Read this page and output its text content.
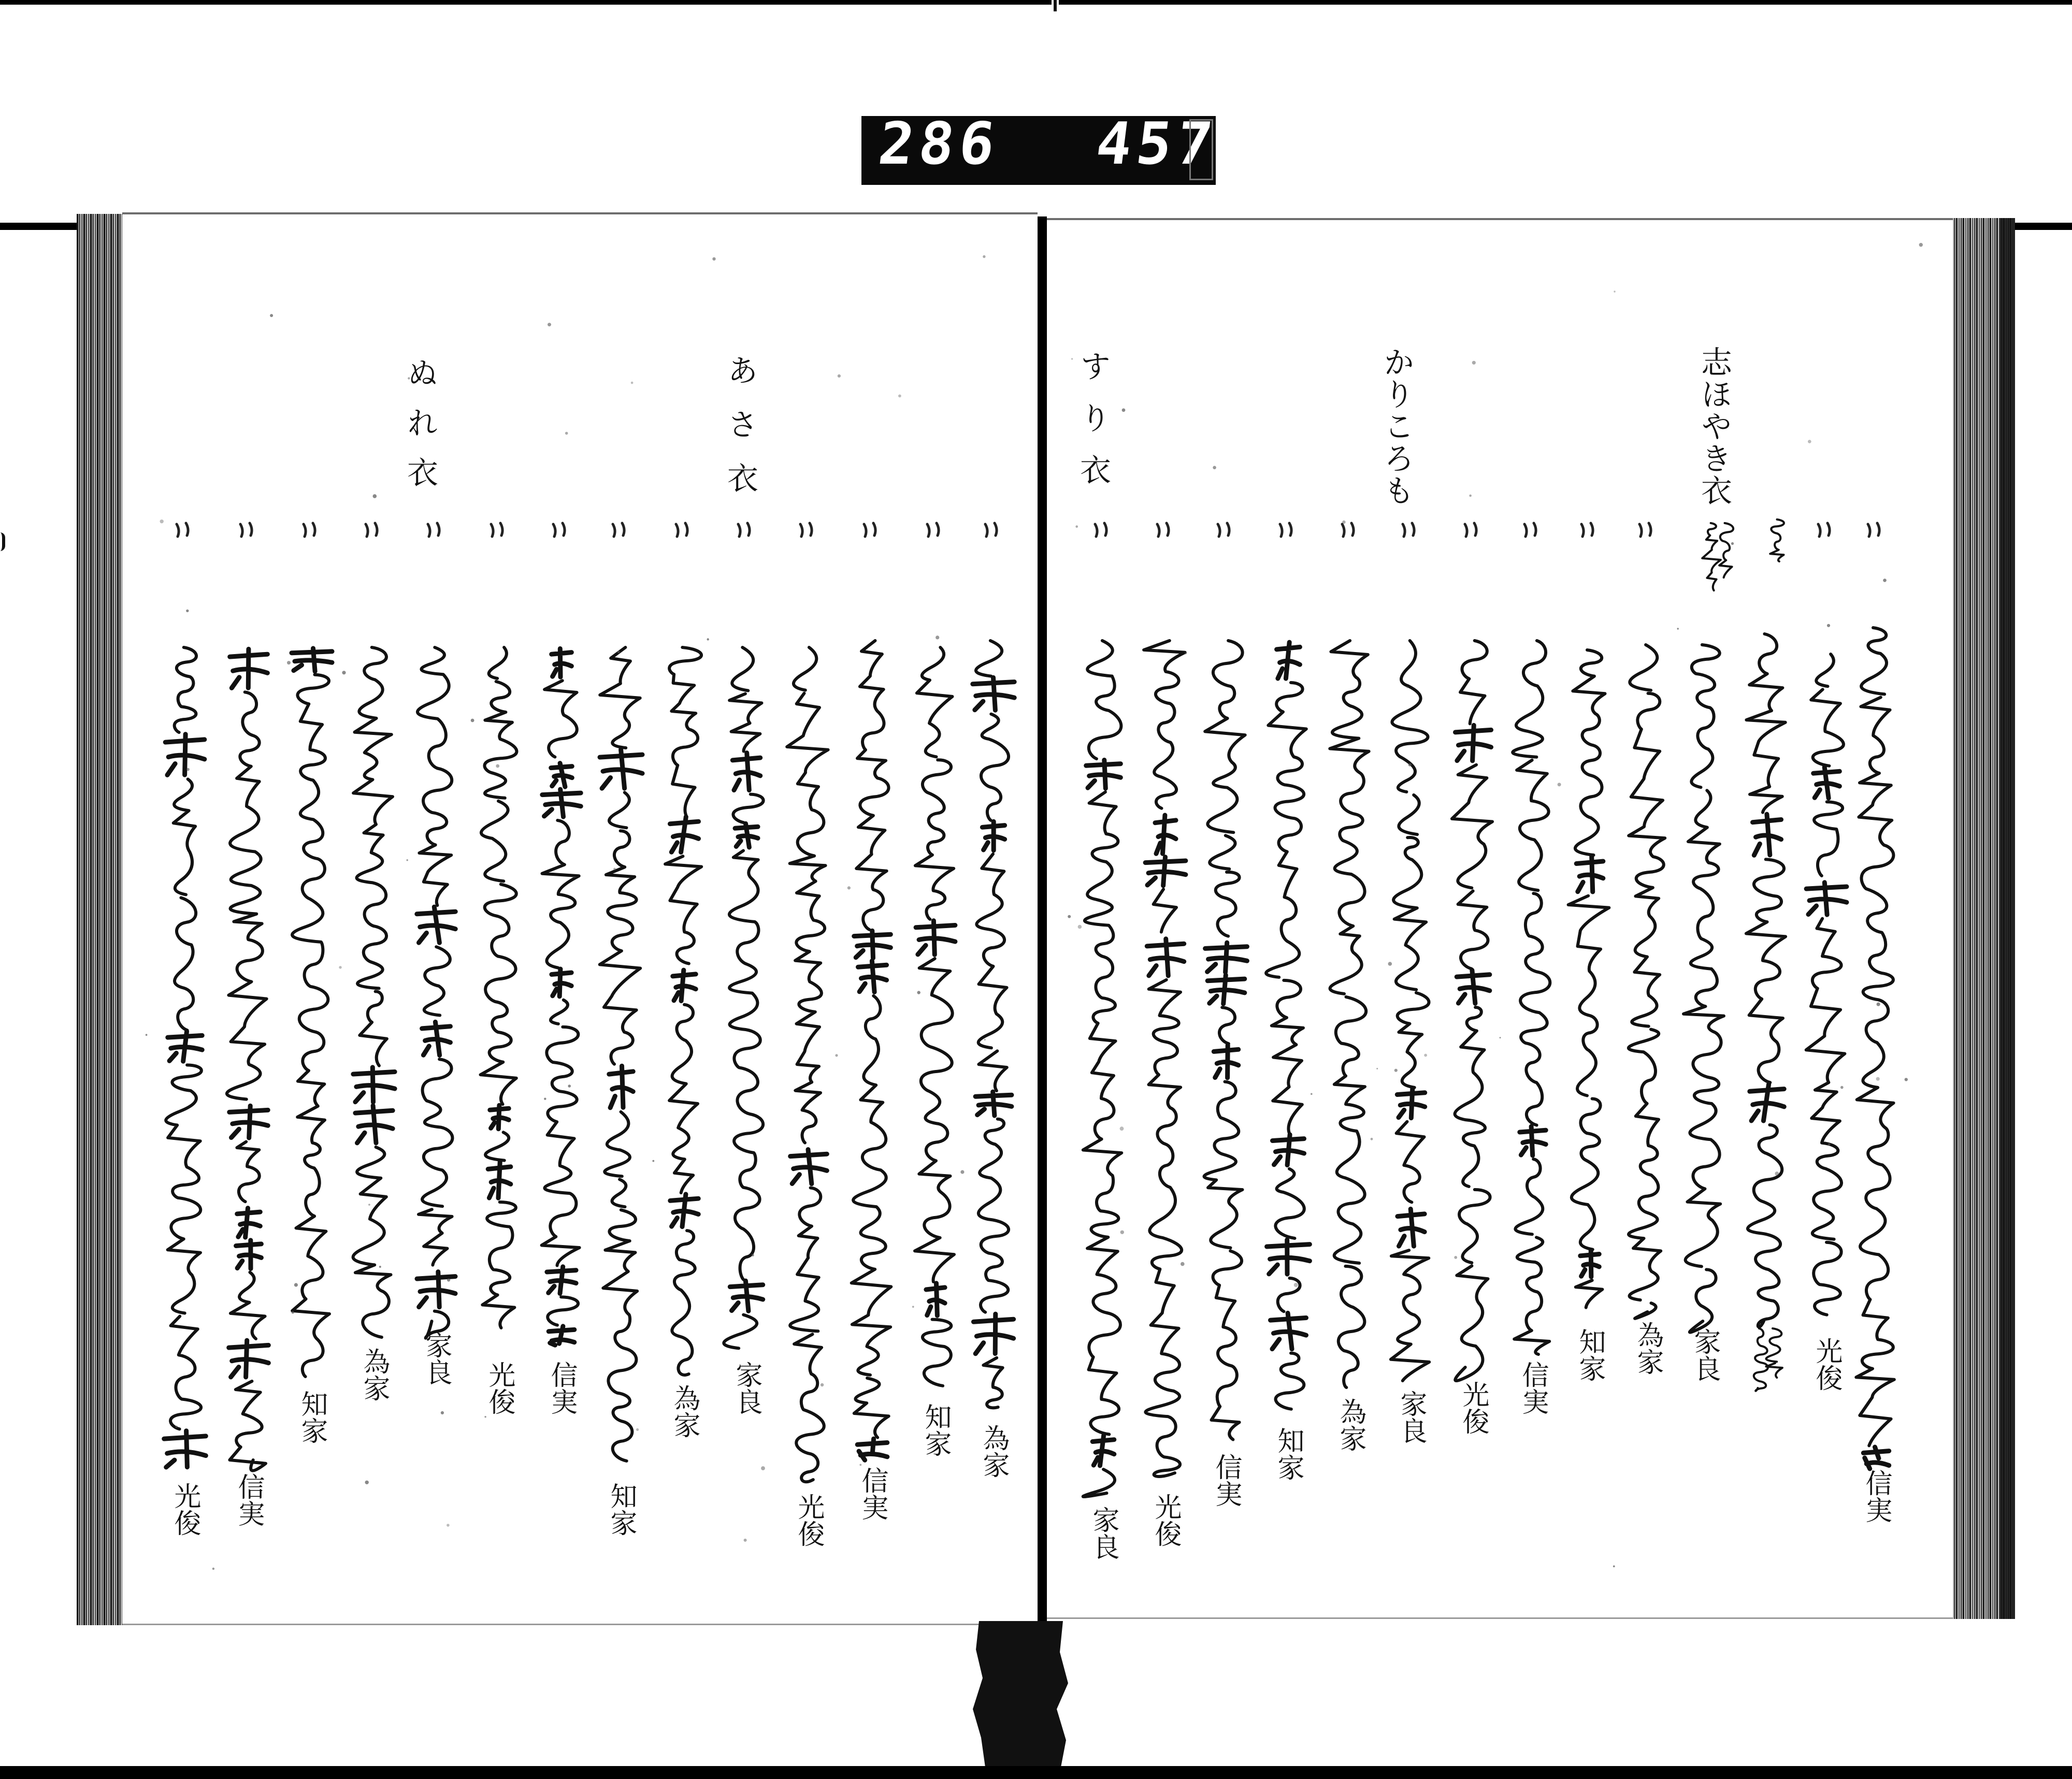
286 457
志ほやき衣
かりころも
すり衣
あさ衣
ぬれ衣
信実
光俊
家良
為家
知家
信実
光俊
家良
為家
知家
信実
光俊
家良
為家
知家
信実
光俊
家良
為家
知家
信実
光俊
家良
為家
知家
信実
光俊
